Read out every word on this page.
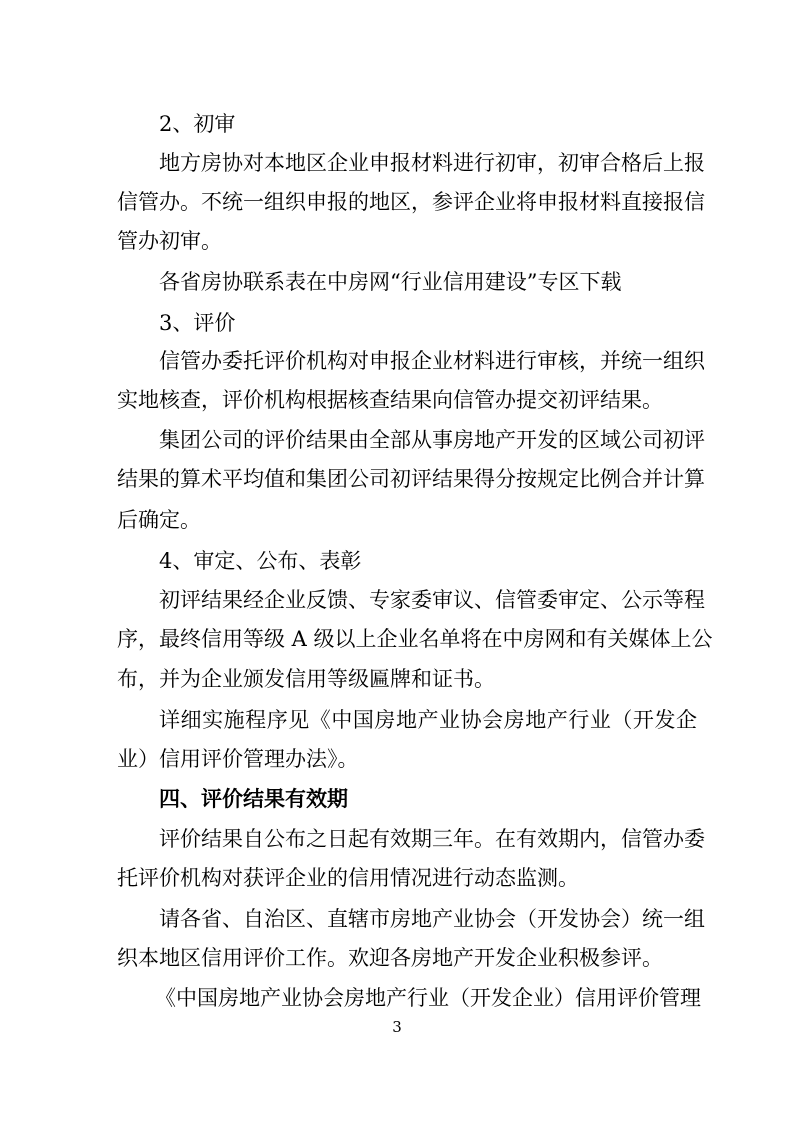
2、初审
地方房协对本地区企业申报材料进行初审，初审合格后上报
信管办。不统一组织申报的地区，参评企业将申报材料直接报信
管办初审。
各省房协联系表在中房网“行业信用建设”专区下载
3、评价
信管办委托评价机构对申报企业材料进行审核，并统一组织
实地核查，评价机构根据核查结果向信管办提交初评结果。
集团公司的评价结果由全部从事房地产开发的区域公司初评
结果的算术平均值和集团公司初评结果得分按规定比例合并计算
后确定。
4、审定、公布、表彰
初评结果经企业反馈、专家委审议、信管委审定、公示等程
序，最终信用等级 A 级以上企业名单将在中房网和有关媒体上公
布，并为企业颁发信用等级匾牌和证书。
详细实施程序见《中国房地产业协会房地产行业（开发企
业）信用评价管理办法》。
四、评价结果有效期
评价结果自公布之日起有效期三年。在有效期内，信管办委
托评价机构对获评企业的信用情况进行动态监测。
请各省、自治区、直辖市房地产业协会（开发协会）统一组
织本地区信用评价工作。欢迎各房地产开发企业积极参评。
《中国房地产业协会房地产行业（开发企业）信用评价管理
3
